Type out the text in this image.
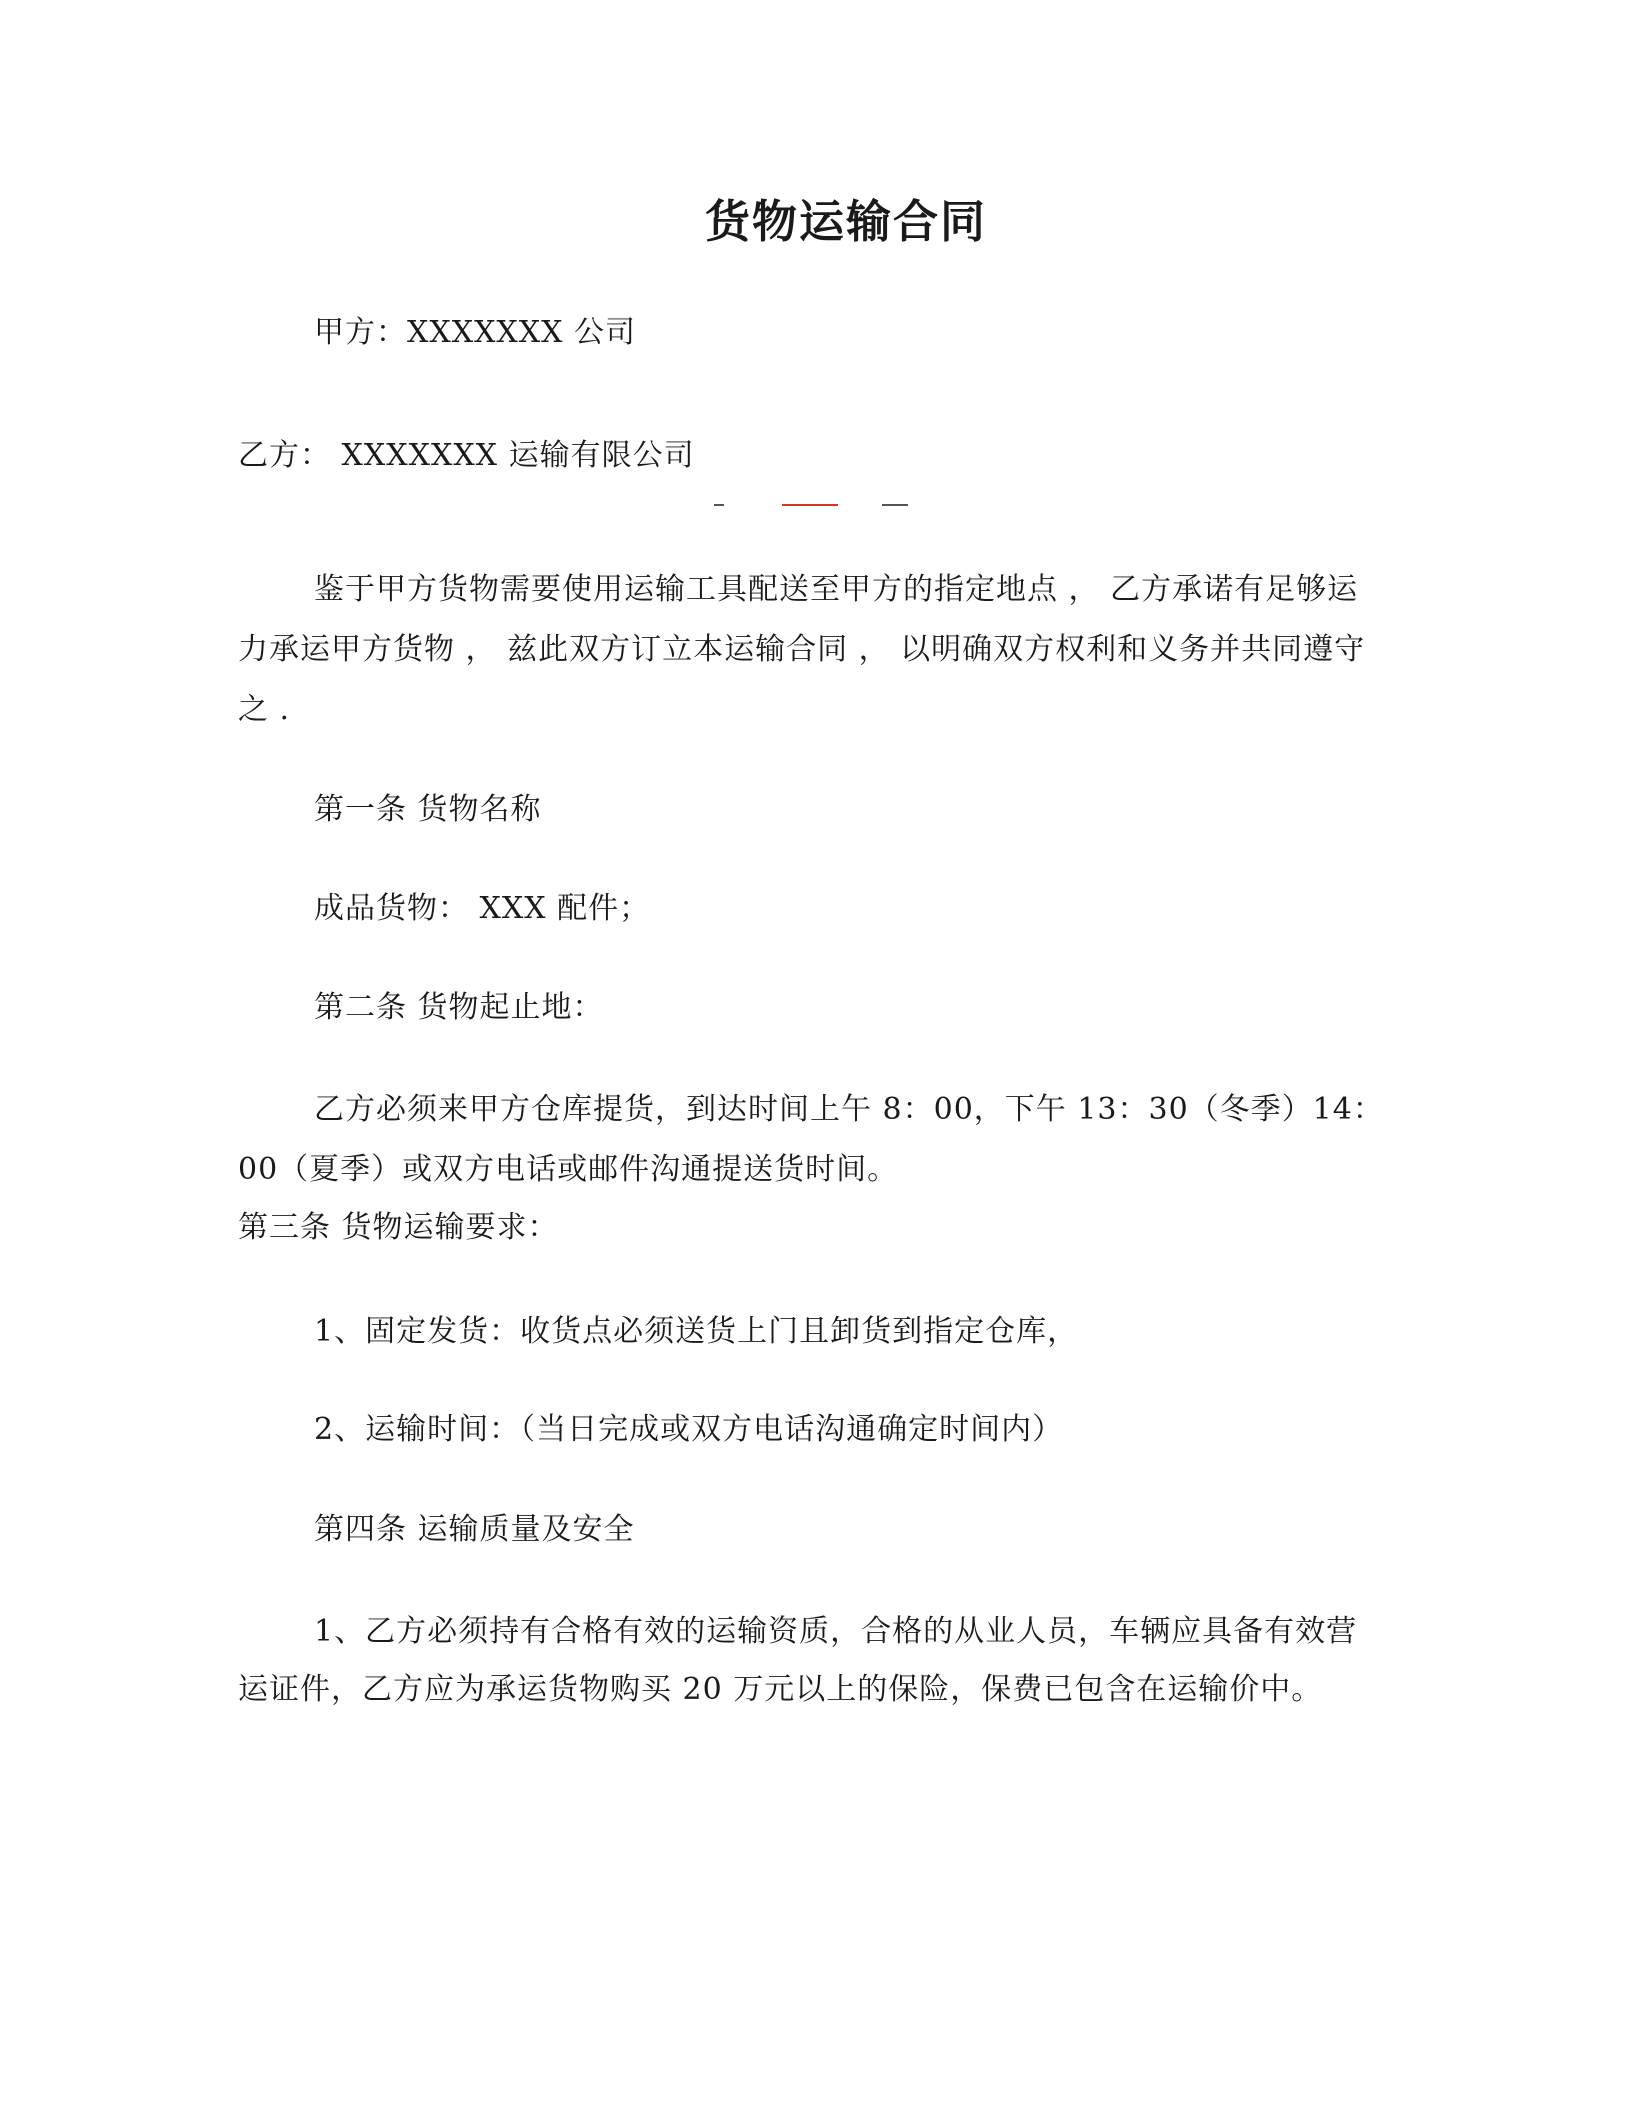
货物运输合同
甲方：XXXXXXX 公司
乙方： XXXXXXX 运输有限公司
鉴于甲方货物需要使用运输工具配送至甲方的指定地点 ， 乙方承诺有足够运
力承运甲方货物 ， 兹此双方订立本运输合同 ， 以明确双方权利和义务并共同遵守
之 .
第一条 货物名称
成品货物： XXX 配件；
第二条 货物起止地：
乙方必须来甲方仓库提货，到达时间上午 8：00，下午 13：30（冬季）14：
00（夏季）或双方电话或邮件沟通提送货时间。
第三条 货物运输要求：
1、固定发货：收货点必须送货上门且卸货到指定仓库，
2、运输时间：（当日完成或双方电话沟通确定时间内）
第四条 运输质量及安全
1、乙方必须持有合格有效的运输资质，合格的从业人员，车辆应具备有效营
运证件，乙方应为承运货物购买 20 万元以上的保险，保费已包含在运输价中。
